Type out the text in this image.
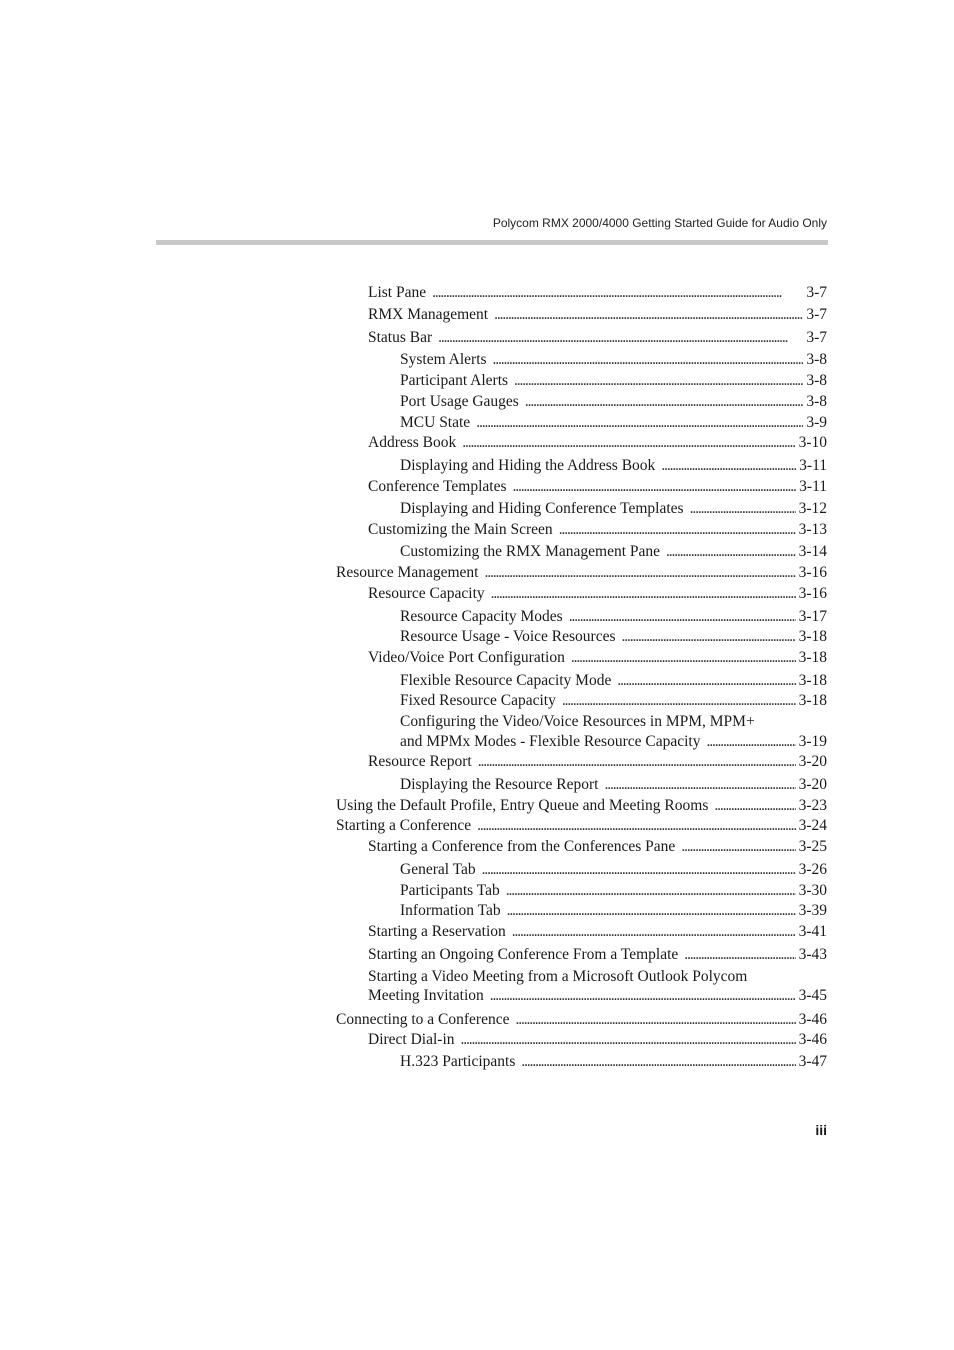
Polycom RMX 2000/4000 Getting Started Guide for Audio Only
List Pane . . .	3-7
RMX Management . . .	3-7
Status Bar . . .	3-7
System Alerts . . .	3-8
Participant Alerts . . .	3-8
Port Usage Gauges . . .	3-8
MCU State . . .	3-9
Address Book . . .	3-10
Displaying and Hiding the Address Book . . .	3-11
Conference Templates . . .	3-11
Displaying and Hiding Conference Templates . . .	3-12
Customizing the Main Screen . . .	3-13
Customizing the RMX Management Pane . . .	3-14
Resource Management . . .	3-16
Resource Capacity . . .	3-16
Resource Capacity Modes . . .	3-17
Resource Usage - Voice Resources . . .	3-18
Video/Voice Port Configuration . . .	3-18
Flexible Resource Capacity Mode . . .	3-18
Fixed Resource Capacity . . .	3-18
Configuring the Video/Voice Resources in MPM, MPM+
and MPMx Modes - Flexible Resource Capacity . . .	3-19
Resource Report . . .	3-20
Displaying the Resource Report . . .	3-20
Using the Default Profile, Entry Queue and Meeting Rooms . . .	3-23
Starting a Conference . . .	3-24
Starting a Conference from the Conferences Pane . . .	3-25
General Tab . . .	3-26
Participants Tab . . .	3-30
Information Tab . . .	3-39
Starting a Reservation . . .	3-41
Starting an Ongoing Conference From a Template . . .	3-43
Starting a Video Meeting from a Microsoft Outlook Polycom
Meeting Invitation . . .	3-45
Connecting to a Conference . . .	3-46
Direct Dial-in . . .	3-46
H.323 Participants . . .	3-47
iii
